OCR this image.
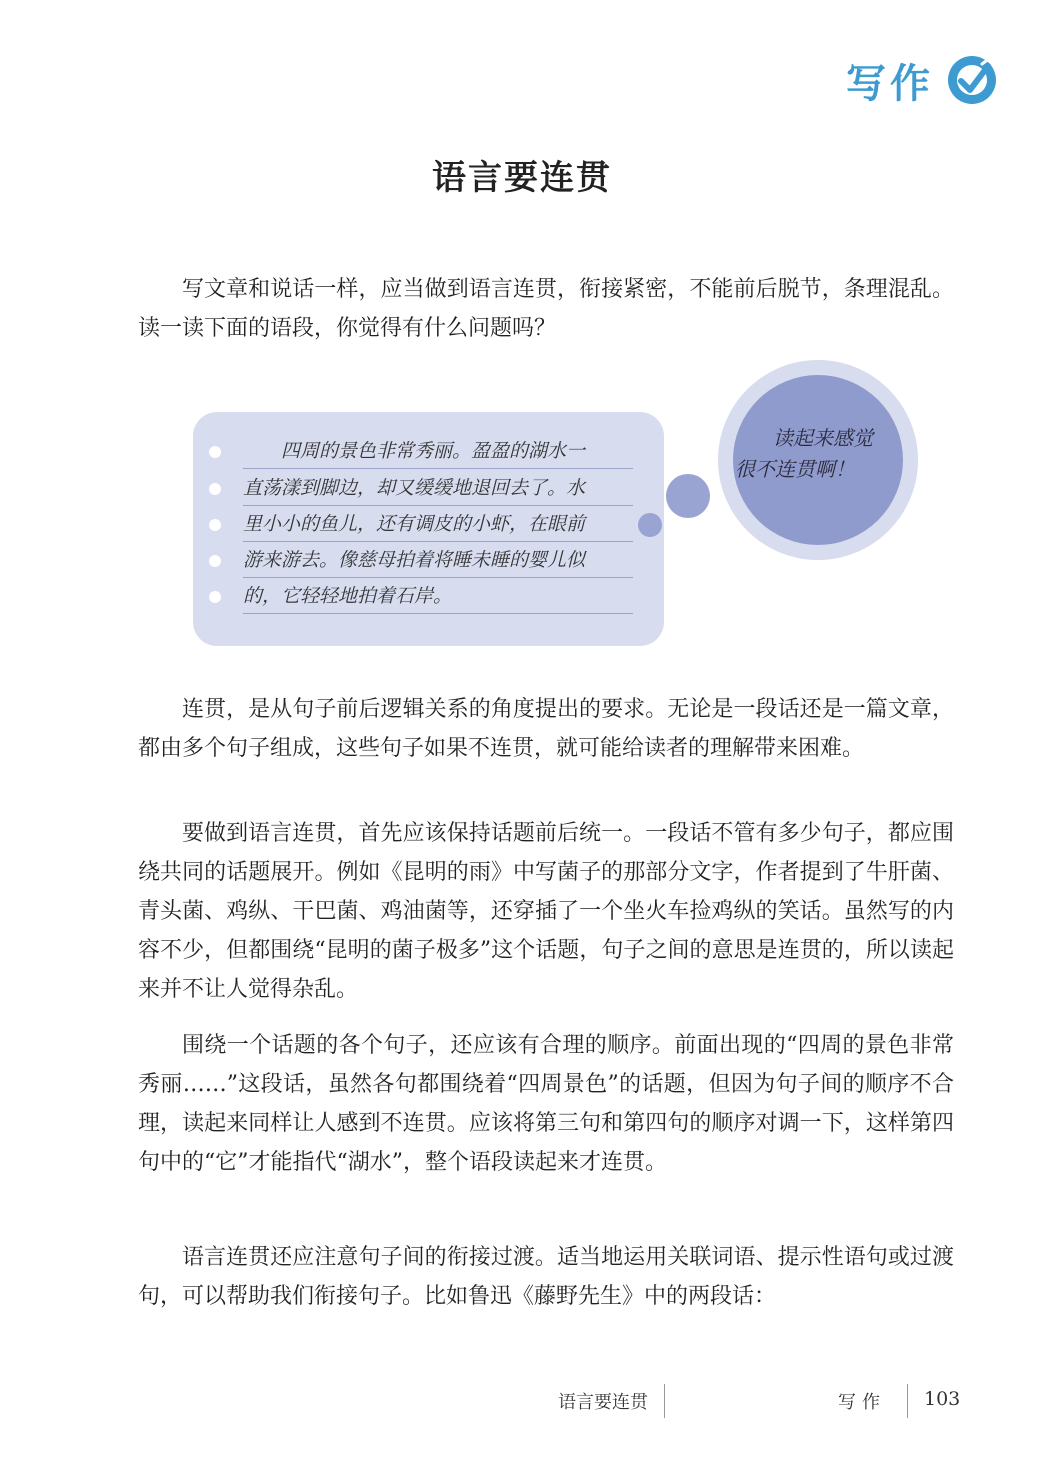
写作
语言要连贯

写文章和说话一样，应当做到语言连贯，衔接紧密，不能前后脱节，条理混乱。读一读下面的语段，你觉得有什么问题吗？

　　四周的景色非常秀丽。盈盈的湖水一
直荡漾到脚边，却又缓缓地退回去了。水
里小小的鱼儿，还有调皮的小虾，在眼前
游来游去。像慈母拍着将睡未睡的婴儿似
的，它轻轻地拍着石岸。
读起来感觉
很不连贯啊！

连贯，是从句子前后逻辑关系的角度提出的要求。无论是一段话还是一篇文章，都由多个句子组成，这些句子如果不连贯，就可能给读者的理解带来困难。

要做到语言连贯，首先应该保持话题前后统一。一段话不管有多少句子，都应围绕共同的话题展开。例如《昆明的雨》中写菌子的那部分文字，作者提到了牛肝菌、青头菌、鸡纵、干巴菌、鸡油菌等，还穿插了一个坐火车捡鸡纵的笑话。虽然写的内容不少，但都围绕“昆明的菌子极多”这个话题，句子之间的意思是连贯的，所以读起来并不让人觉得杂乱。

围绕一个话题的各个句子，还应该有合理的顺序。前面出现的“四周的景色非常秀丽……”这段话，虽然各句都围绕着“四周景色”的话题，但因为句子间的顺序不合理，读起来同样让人感到不连贯。应该将第三句和第四句的顺序对调一下，这样第四句中的“它”才能指代“湖水”，整个语段读起来才连贯。

语言连贯还应注意句子间的衔接过渡。适当地运用关联词语、提示性语句或过渡句，可以帮助我们衔接句子。比如鲁迅《藤野先生》中的两段话：

语言要连贯	写作 103
